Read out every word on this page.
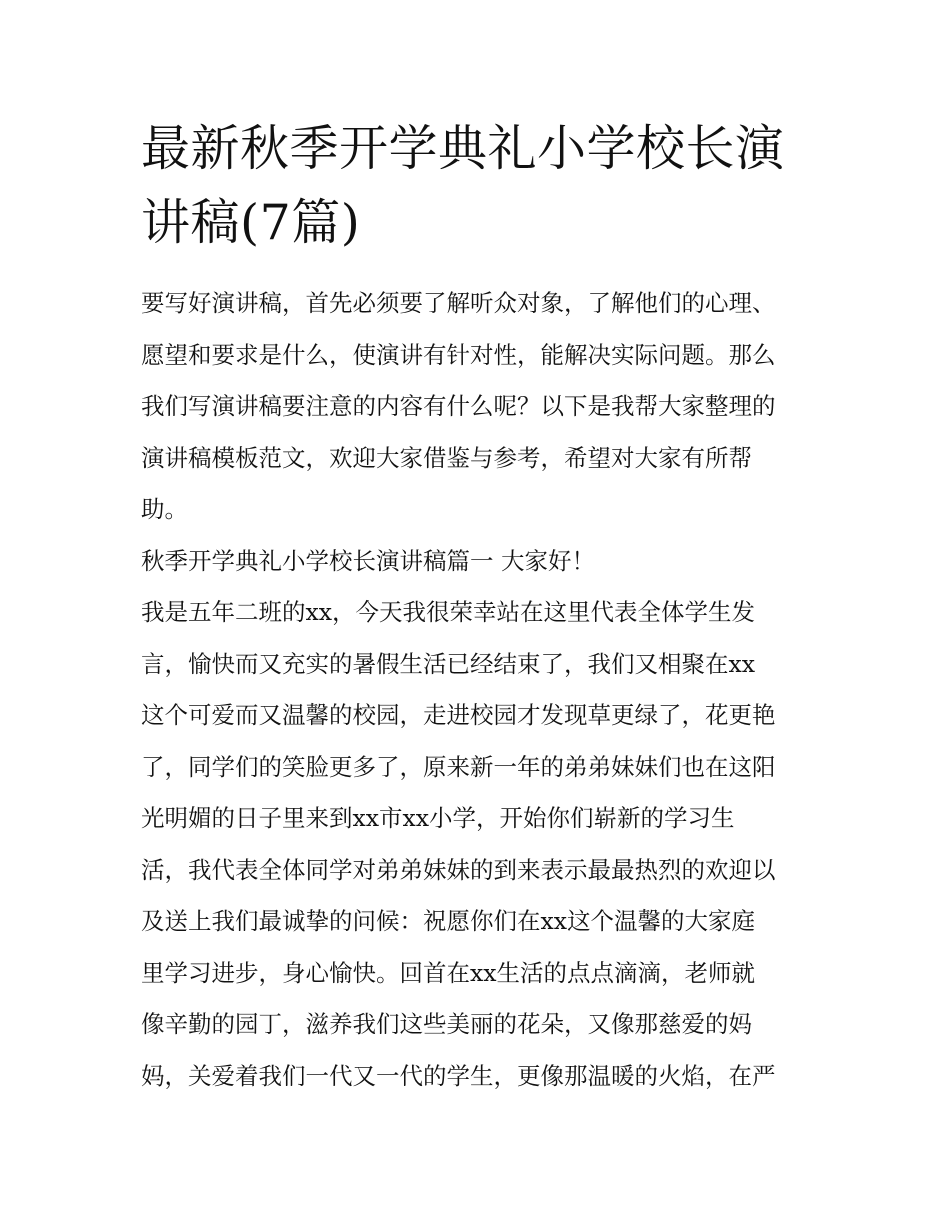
最新秋季开学典礼小学校长演
讲稿(7篇)
要写好演讲稿，首先必须要了解听众对象，了解他们的心理、
愿望和要求是什么，使演讲有针对性，能解决实际问题。那么
我们写演讲稿要注意的内容有什么呢？以下是我帮大家整理的
演讲稿模板范文，欢迎大家借鉴与参考，希望对大家有所帮
助。
秋季开学典礼小学校长演讲稿篇一 大家好！
我是五年二班的xx，今天我很荣幸站在这里代表全体学生发
言，愉快而又充实的暑假生活已经结束了，我们又相聚在xx
这个可爱而又温馨的校园，走进校园才发现草更绿了，花更艳
了，同学们的笑脸更多了，原来新一年的弟弟妹妹们也在这阳
光明媚的日子里来到xx市xx小学，开始你们崭新的学习生
活，我代表全体同学对弟弟妹妹的到来表示最最热烈的欢迎以
及送上我们最诚挚的问候：祝愿你们在xx这个温馨的大家庭
里学习进步，身心愉快。回首在xx生活的点点滴滴，老师就
像辛勤的园丁，滋养我们这些美丽的花朵，又像那慈爱的妈
妈，关爱着我们一代又一代的学生，更像那温暖的火焰，在严
